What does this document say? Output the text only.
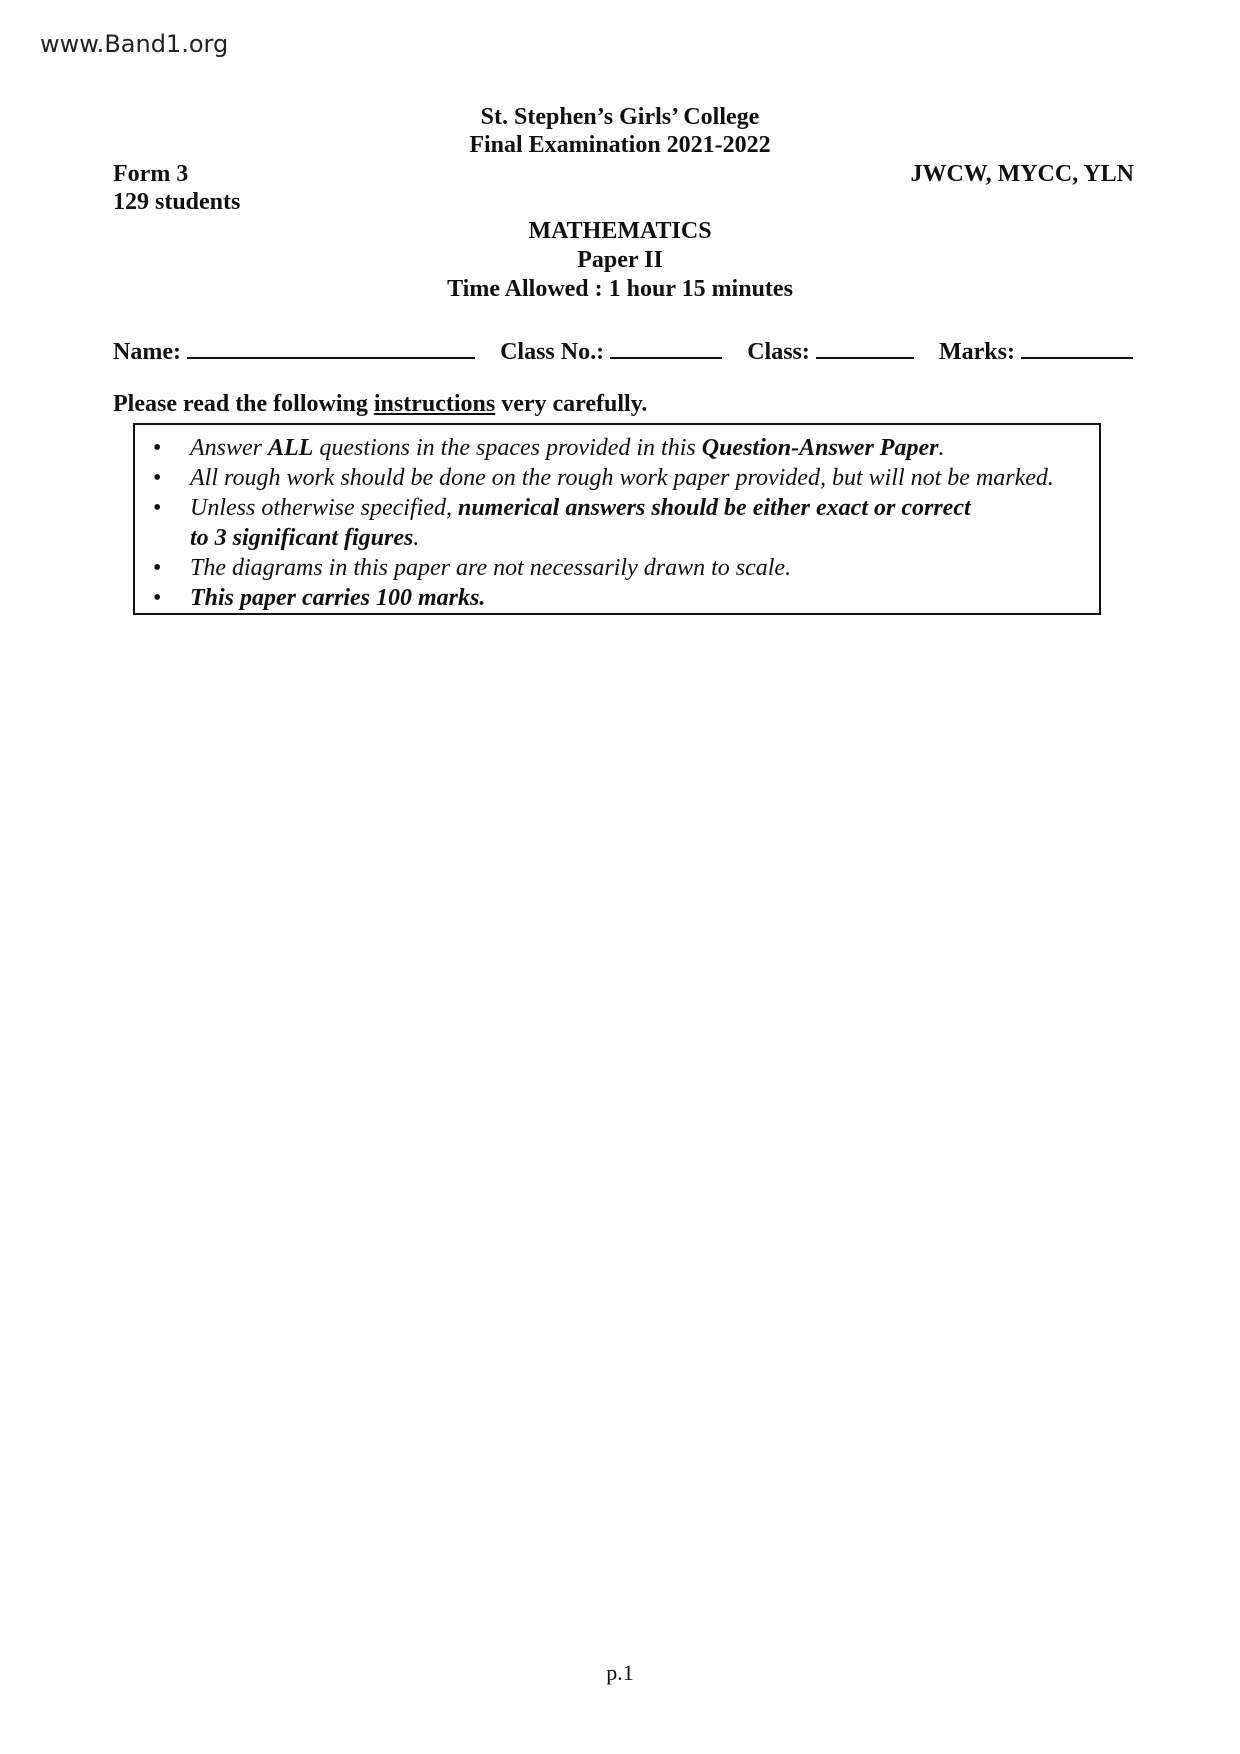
www.Band1.org
St. Stephen’s Girls’ College
Final Examination 2021-2022
Form 3	JWCW, MYCC, YLN
129 students
MATHEMATICS
Paper II
Time Allowed : 1 hour 15 minutes
Name:	Class No.:	Class:	Marks:
Please read the following instructions very carefully.
• Answer ALL questions in the spaces provided in this Question-Answer Paper.
• All rough work should be done on the rough work paper provided, but will not be marked.
• Unless otherwise specified, numerical answers should be either exact or correct
to 3 significant figures.
• The diagrams in this paper are not necessarily drawn to scale.
• This paper carries 100 marks.
p.1
